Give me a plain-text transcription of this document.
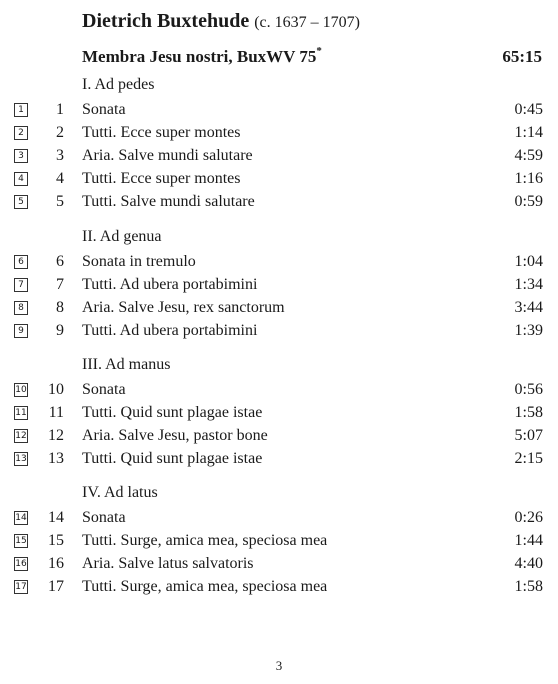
Dietrich Buxtehude (c. 1637 – 1707)
Membra Jesu nostri, BuxWV 75*	65:15
I. Ad pedes
II. Ad genua
III. Ad manus
IV. Ad latus
1	1 Sonata	0:45
2	2 Tutti. Ecce super montes	1:14
3	3 Aria. Salve mundi salutare	4:59
4	4 Tutti. Ecce super montes	1:16
5	5 Tutti. Salve mundi salutare	0:59
6	6 Sonata in tremulo	1:04
7	7 Tutti. Ad ubera portabimini	1:34
8	8 Aria. Salve Jesu, rex sanctorum	3:44
9	9 Tutti. Ad ubera portabimini	1:39
10	10 Sonata	0:56
11	11 Tutti. Quid sunt plagae istae	1:58
12	12 Aria. Salve Jesu, pastor bone	5:07
13	13 Tutti. Quid sunt plagae istae	2:15
14	14 Sonata	0:26
15	15 Tutti. Surge, amica mea, speciosa mea	1:44
16	16 Aria. Salve latus salvatoris	4:40
17	17 Tutti. Surge, amica mea, speciosa mea	1:58
3
